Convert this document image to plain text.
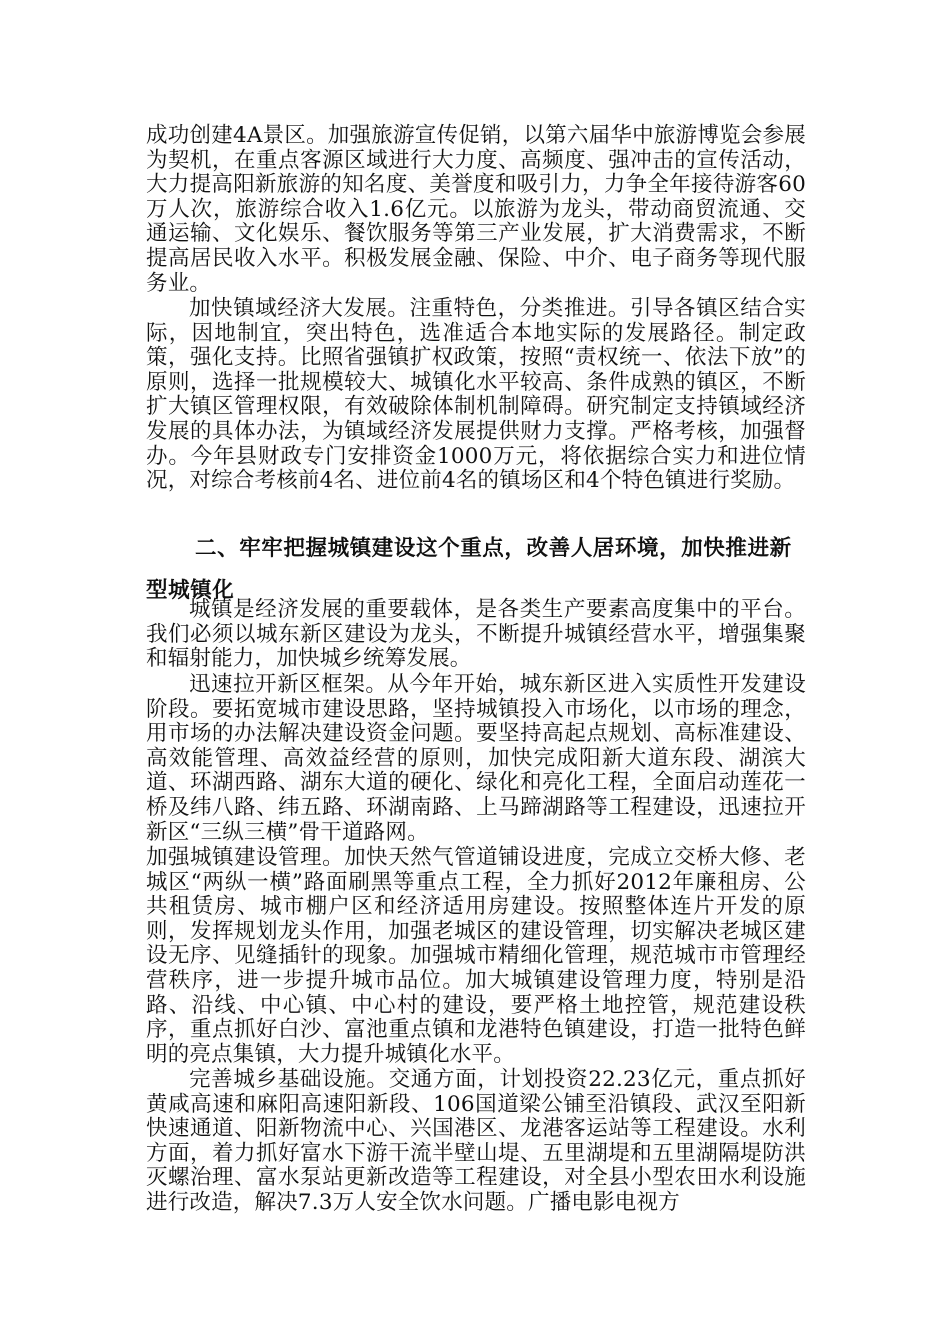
成功创建4A景区。加强旅游宣传促销，以第六届华中旅游博览会参展为契机，在重点客源区域进行大力度、高频度、强冲击的宣传活动，大力提高阳新旅游的知名度、美誉度和吸引力，力争全年接待游客60万人次，旅游综合收入1.6亿元。以旅游为龙头，带动商贸流通、交通运输、文化娱乐、餐饮服务等第三产业发展，扩大消费需求，不断提高居民收入水平。积极发展金融、保险、中介、电子商务等现代服务业。

加快镇域经济大发展。注重特色，分类推进。引导各镇区结合实际，因地制宜，突出特色，选准适合本地实际的发展路径。制定政策，强化支持。比照省强镇扩权政策，按照“责权统一、依法下放”的原则，选择一批规模较大、城镇化水平较高、条件成熟的镇区，不断扩大镇区管理权限，有效破除体制机制障碍。研究制定支持镇域经济发展的具体办法，为镇域经济发展提供财力支撑。严格考核，加强督办。今年县财政专门安排资金1000万元，将依据综合实力和进位情况，对综合考核前4名、进位前4名的镇场区和4个特色镇进行奖励。

二、牢牢把握城镇建设这个重点，改善人居环境，加快推进新型城镇化

城镇是经济发展的重要载体，是各类生产要素高度集中的平台。我们必须以城东新区建设为龙头，不断提升城镇经营水平，增强集聚和辐射能力，加快城乡统筹发展。

迅速拉开新区框架。从今年开始，城东新区进入实质性开发建设阶段。要拓宽城市建设思路，坚持城镇投入市场化，以市场的理念，用市场的办法解决建设资金问题。要坚持高起点规划、高标准建设、高效能管理、高效益经营的原则，加快完成阳新大道东段、湖滨大道、环湖西路、湖东大道的硬化、绿化和亮化工程，全面启动莲花一桥及纬八路、纬五路、环湖南路、上马蹄湖路等工程建设，迅速拉开新区“三纵三横”骨干道路网。

加强城镇建设管理。加快天然气管道铺设进度，完成立交桥大修、老城区“两纵一横”路面刷黑等重点工程，全力抓好2012年廉租房、公共租赁房、城市棚户区和经济适用房建设。按照整体连片开发的原则，发挥规划龙头作用，加强老城区的建设管理，切实解决老城区建设无序、见缝插针的现象。加强城市精细化管理，规范城市市管理经营秩序，进一步提升城市品位。加大城镇建设管理力度，特别是沿路、沿线、中心镇、中心村的建设，要严格土地控管，规范建设秩序，重点抓好白沙、富池重点镇和龙港特色镇建设，打造一批特色鲜明的亮点集镇，大力提升城镇化水平。

完善城乡基础设施。交通方面，计划投资22.23亿元，重点抓好黄咸高速和麻阳高速阳新段、106国道梁公铺至沿镇段、武汉至阳新快速通道、阳新物流中心、兴国港区、龙港客运站等工程建设。水利方面，着力抓好富水下游干流半壁山堤、五里湖堤和五里湖隔堤防洪灭螺治理、富水泵站更新改造等工程建设，对全县小型农田水利设施进行改造，解决7.3万人安全饮水问题。广播电影电视方
